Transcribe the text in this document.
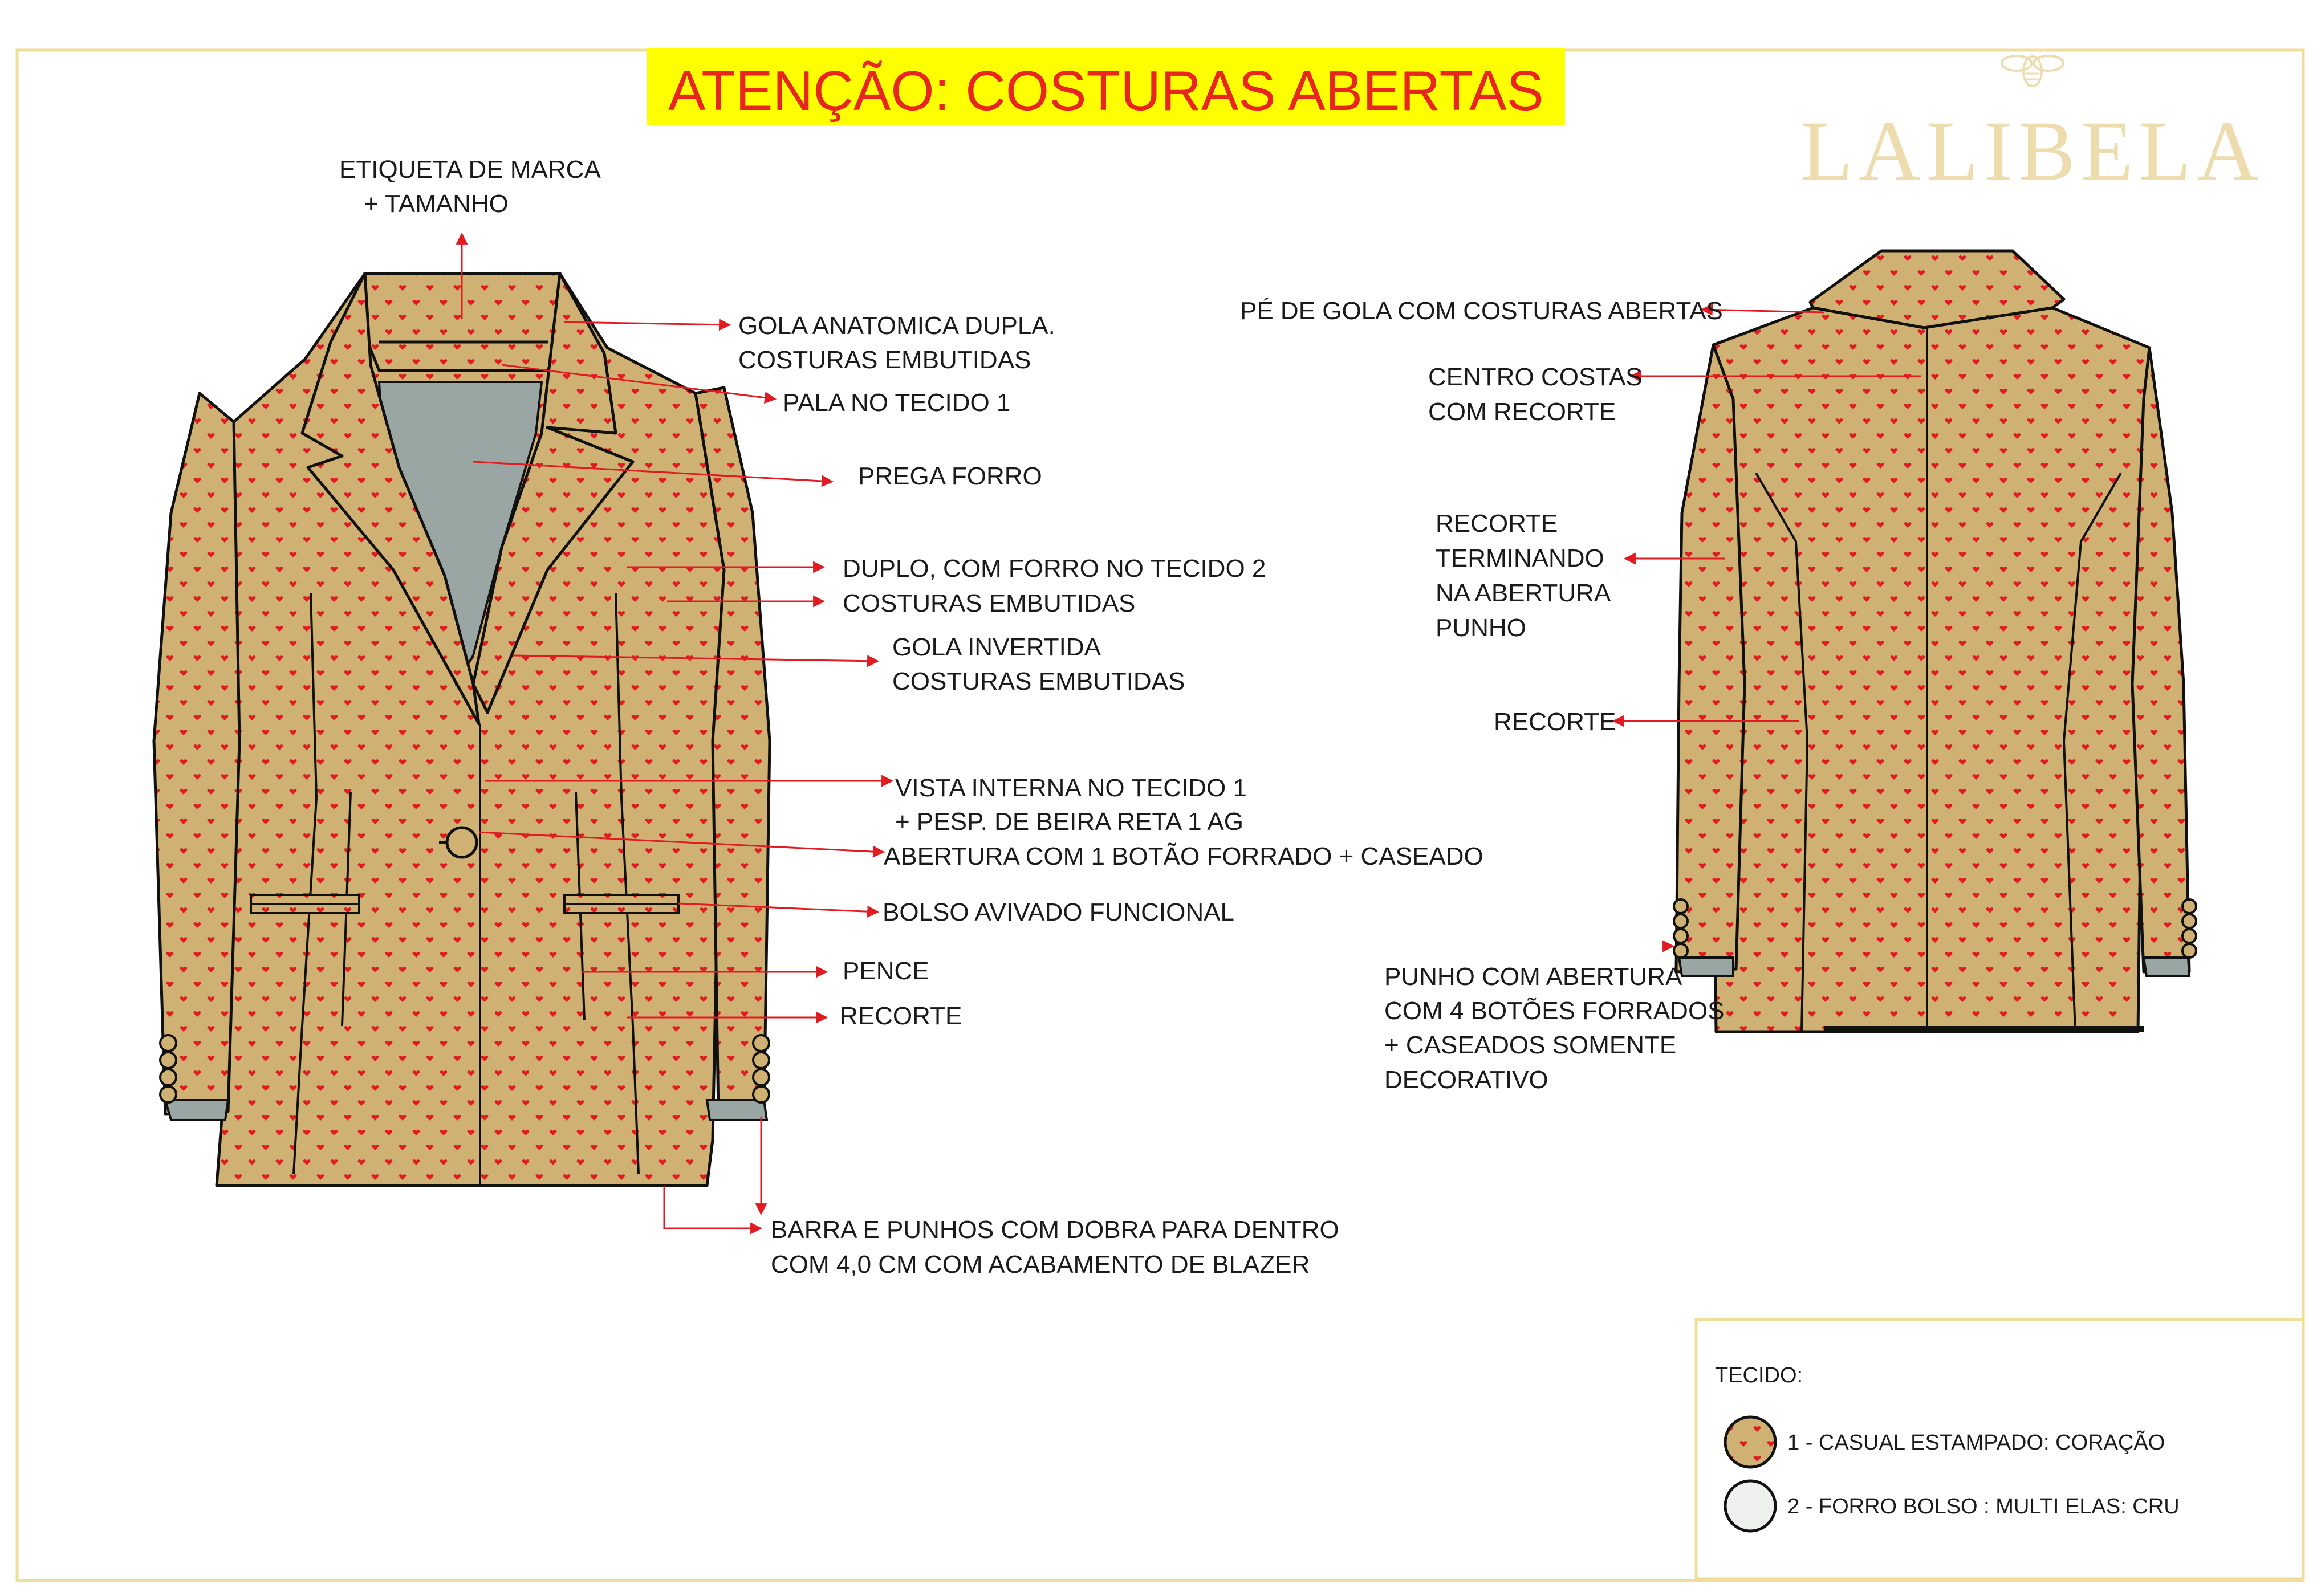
ATENÇÃO: COSTURAS ABERTAS
LALIBELA
ETIQUETA DE MARCA
+ TAMANHO
GOLA ANATOMICA DUPLA.
COSTURAS EMBUTIDAS
PALA NO TECIDO 1
PREGA FORRO
DUPLO, COM FORRO NO TECIDO 2
COSTURAS EMBUTIDAS
GOLA INVERTIDA
COSTURAS EMBUTIDAS
VISTA INTERNA NO TECIDO 1
+ PESP. DE BEIRA RETA 1 AG
ABERTURA COM 1 BOTÃO FORRADO + CASEADO
BOLSO AVIVADO FUNCIONAL
PENCE
RECORTE
BARRA E PUNHOS COM DOBRA PARA DENTRO
COM 4,0 CM COM ACABAMENTO DE BLAZER
PÉ DE GOLA COM COSTURAS ABERTAS
CENTRO COSTAS
COM RECORTE
RECORTE
TERMINANDO
NA ABERTURA
PUNHO
RECORTE
PUNHO COM ABERTURA
COM 4 BOTÕES FORRADOS
+ CASEADOS SOMENTE
DECORATIVO
TECIDO:
1 - CASUAL ESTAMPADO: CORAÇÃO
2 - FORRO BOLSO : MULTI ELAS: CRU
